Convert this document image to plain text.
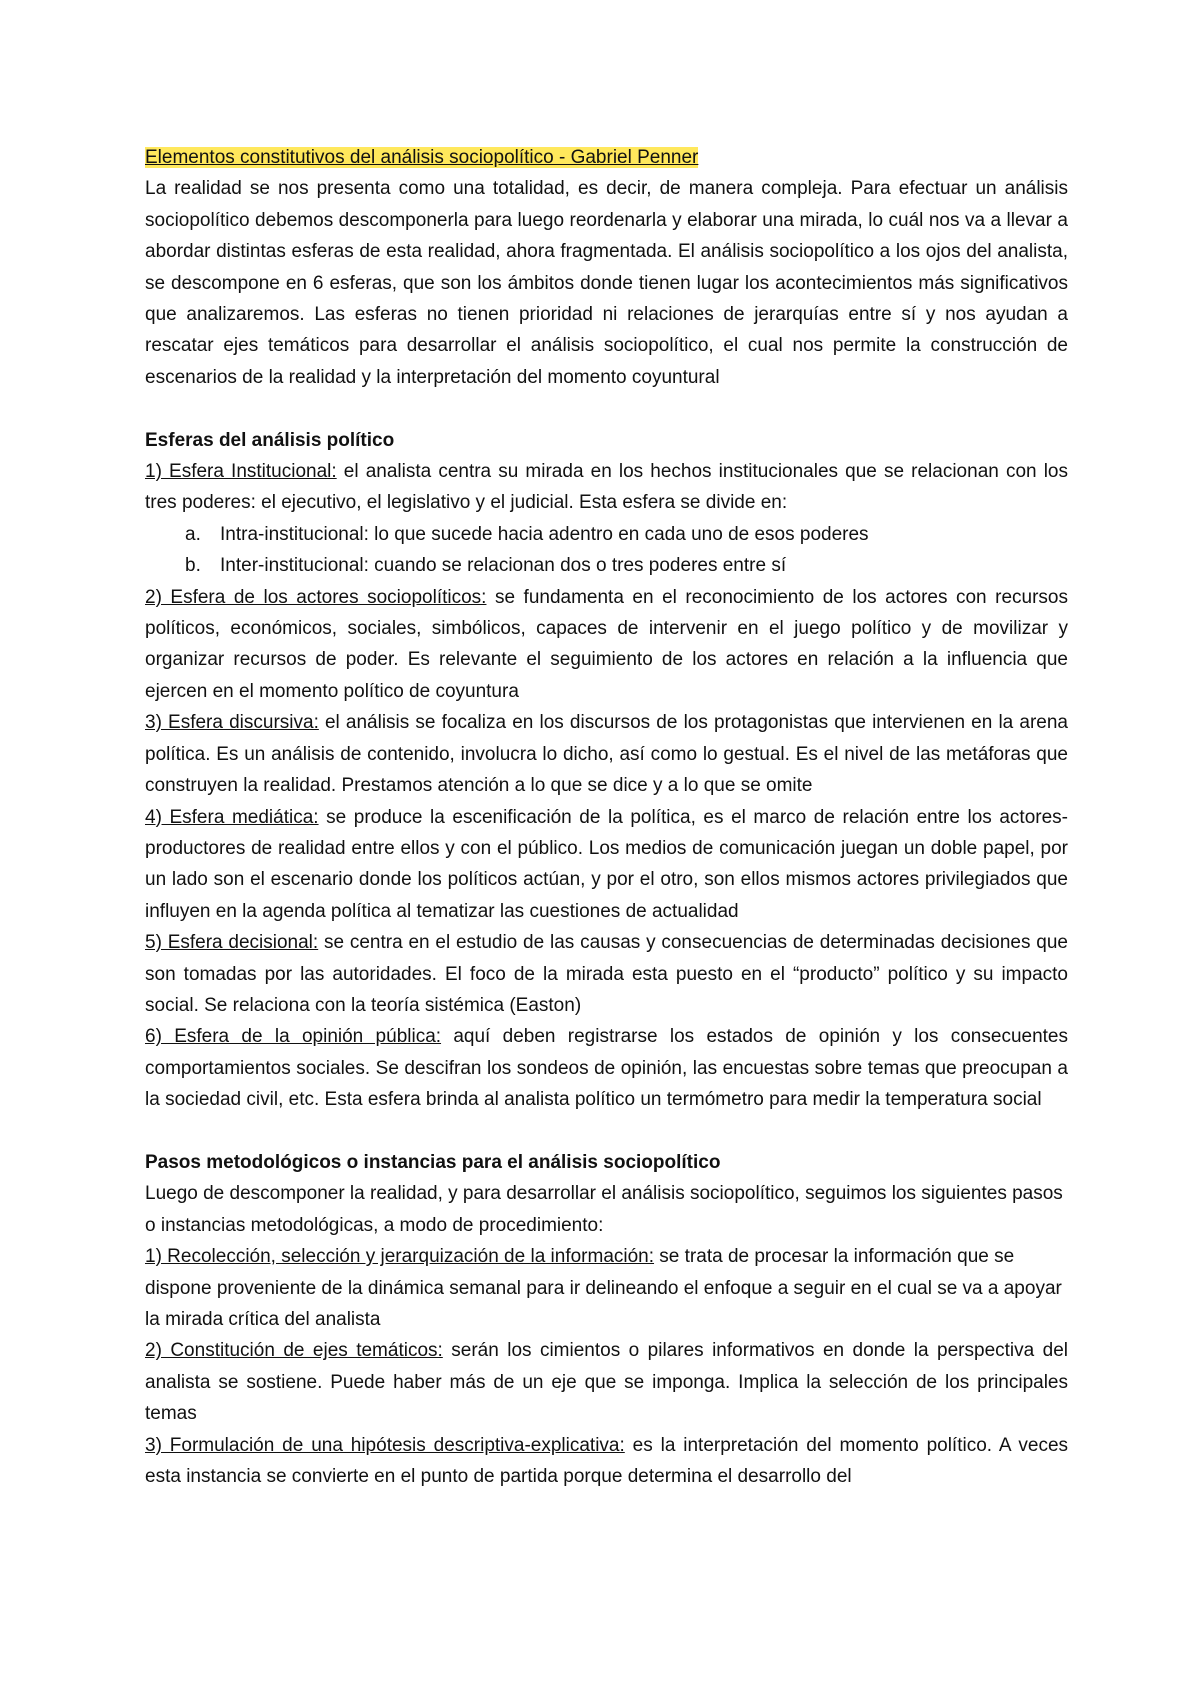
Elementos constitutivos del análisis sociopolítico - Gabriel Penner

La realidad se nos presenta como una totalidad, es decir, de manera compleja. Para efectuar un análisis sociopolítico debemos descomponerla para luego reordenarla y elaborar una mirada, lo cuál nos va a llevar a abordar distintas esferas de esta realidad, ahora fragmentada. El análisis sociopolítico a los ojos del analista, se descompone en 6 esferas, que son los ámbitos donde tienen lugar los acontecimientos más significativos que analizaremos. Las esferas no tienen prioridad ni relaciones de jerarquías entre sí y nos ayudan a rescatar ejes temáticos para desarrollar el análisis sociopolítico, el cual nos permite la construcción de escenarios de la realidad y la interpretación del momento coyuntural

Esferas del análisis político

1) Esfera Institucional: el analista centra su mirada en los hechos institucionales que se relacionan con los tres poderes: el ejecutivo, el legislativo y el judicial. Esta esfera se divide en:

a.	Intra-institucional: lo que sucede hacia adentro en cada uno de esos poderes
b.	Inter-institucional: cuando se relacionan dos o tres poderes entre sí

2) Esfera de los actores sociopolíticos: se fundamenta en el reconocimiento de los actores con recursos políticos, económicos, sociales, simbólicos, capaces de intervenir en el juego político y de movilizar y organizar recursos de poder. Es relevante el seguimiento de los actores en relación a la influencia que ejercen en el momento político de coyuntura

3) Esfera discursiva: el análisis se focaliza en los discursos de los protagonistas que intervienen en la arena política. Es un análisis de contenido, involucra lo dicho, así como lo gestual. Es el nivel de las metáforas que construyen la realidad. Prestamos atención a lo que se dice y a lo que se omite

4) Esfera mediática: se produce la escenificación de la política, es el marco de relación entre los actores-productores de realidad entre ellos y con el público. Los medios de comunicación juegan un doble papel, por un lado son el escenario donde los políticos actúan, y por el otro, son ellos mismos actores privilegiados que influyen en la agenda política al tematizar las cuestiones de actualidad

5) Esfera decisional: se centra en el estudio de las causas y consecuencias de determinadas decisiones que son tomadas por las autoridades. El foco de la mirada esta puesto en el “producto” político y su impacto social. Se relaciona con la teoría sistémica (Easton)

6) Esfera de la opinión pública: aquí deben registrarse los estados de opinión y los consecuentes comportamientos sociales. Se descifran los sondeos de opinión, las encuestas sobre temas que preocupan a la sociedad civil, etc. Esta esfera brinda al analista político un termómetro para medir la temperatura social

Pasos metodológicos o instancias para el análisis sociopolítico

Luego de descomponer la realidad, y para desarrollar el análisis sociopolítico, seguimos los siguientes pasos o instancias metodológicas, a modo de procedimiento:

1) Recolección, selección y jerarquización de la información: se trata de procesar la información que se dispone proveniente de la dinámica semanal para ir delineando el enfoque a seguir en el cual se va a apoyar la mirada crítica del analista

2) Constitución de ejes temáticos: serán los cimientos o pilares informativos en donde la perspectiva del analista se sostiene. Puede haber más de un eje que se imponga. Implica la selección de los principales temas

3) Formulación de una hipótesis descriptiva-explicativa: es la interpretación del momento político. A veces esta instancia se convierte en el punto de partida porque determina el desarrollo del
